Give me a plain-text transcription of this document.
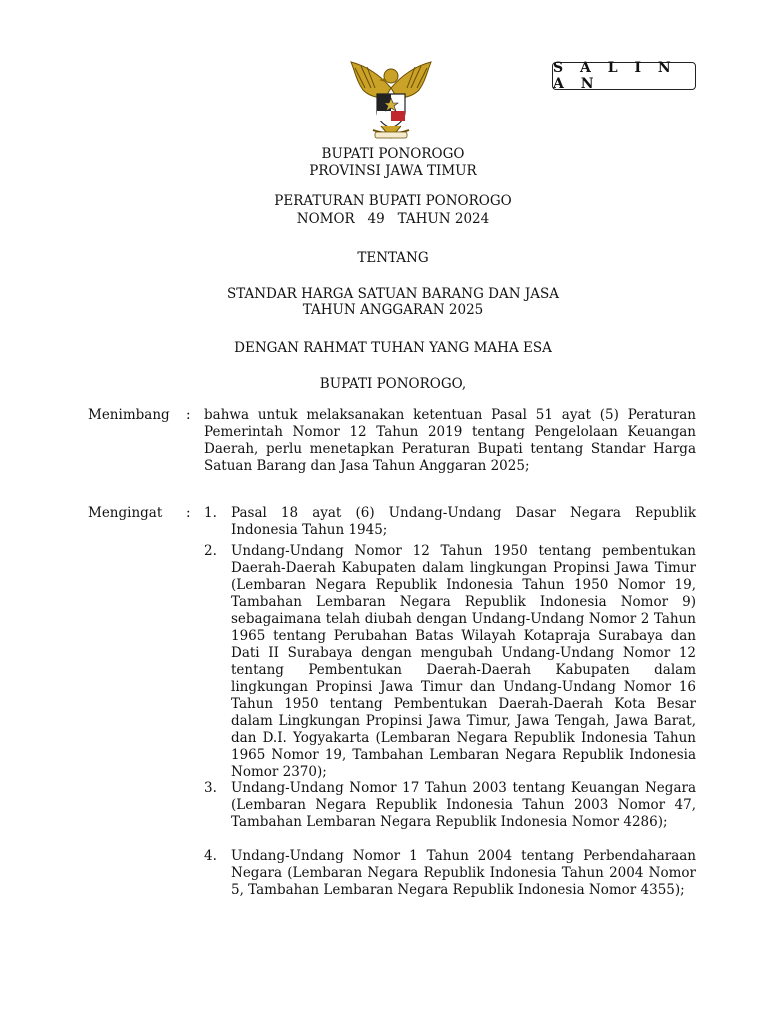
S A L I N A N
BUPATI PONOROGO
PROVINSI JAWA TIMUR
PERATURAN BUPATI PONOROGO
NOMOR   49   TAHUN 2024
TENTANG
STANDAR HARGA SATUAN BARANG DAN JASA
TAHUN ANGGARAN 2025
DENGAN RAHMAT TUHAN YANG MAHA ESA
BUPATI PONOROGO,
Menimbang : bahwa untuk melaksanakan ketentuan Pasal 51 ayat (5) Peraturan Pemerintah Nomor 12 Tahun 2019 tentang Pengelolaan Keuangan Daerah, perlu menetapkan Peraturan Bupati tentang Standar Harga Satuan Barang dan Jasa Tahun Anggaran 2025;
Mengingat : 1. Pasal 18 ayat (6) Undang-Undang Dasar Negara Republik Indonesia Tahun 1945;
2. Undang-Undang Nomor 12 Tahun 1950 tentang pembentukan Daerah-Daerah Kabupaten dalam lingkungan Propinsi Jawa Timur (Lembaran Negara Republik Indonesia Tahun 1950 Nomor 19, Tambahan Lembaran Negara Republik Indonesia Nomor 9) sebagaimana telah diubah dengan Undang-Undang Nomor 2 Tahun 1965 tentang Perubahan Batas Wilayah Kotapraja Surabaya dan Dati II Surabaya dengan mengubah Undang-Undang Nomor 12 tentang Pembentukan Daerah-Daerah Kabupaten dalam lingkungan Propinsi Jawa Timur dan Undang-Undang Nomor 16 Tahun 1950 tentang Pembentukan Daerah-Daerah Kota Besar dalam Lingkungan Propinsi Jawa Timur, Jawa Tengah, Jawa Barat, dan D.I. Yogyakarta (Lembaran Negara Republik Indonesia Tahun 1965 Nomor 19, Tambahan Lembaran Negara Republik Indonesia Nomor 2370);
3. Undang-Undang Nomor 17 Tahun 2003 tentang Keuangan Negara (Lembaran Negara Republik Indonesia Tahun 2003 Nomor 47, Tambahan Lembaran Negara Republik Indonesia Nomor 4286);
4. Undang-Undang Nomor 1 Tahun 2004 tentang Perbendaharaan Negara (Lembaran Negara Republik Indonesia Tahun 2004 Nomor 5, Tambahan Lembaran Negara Republik Indonesia Nomor 4355);
